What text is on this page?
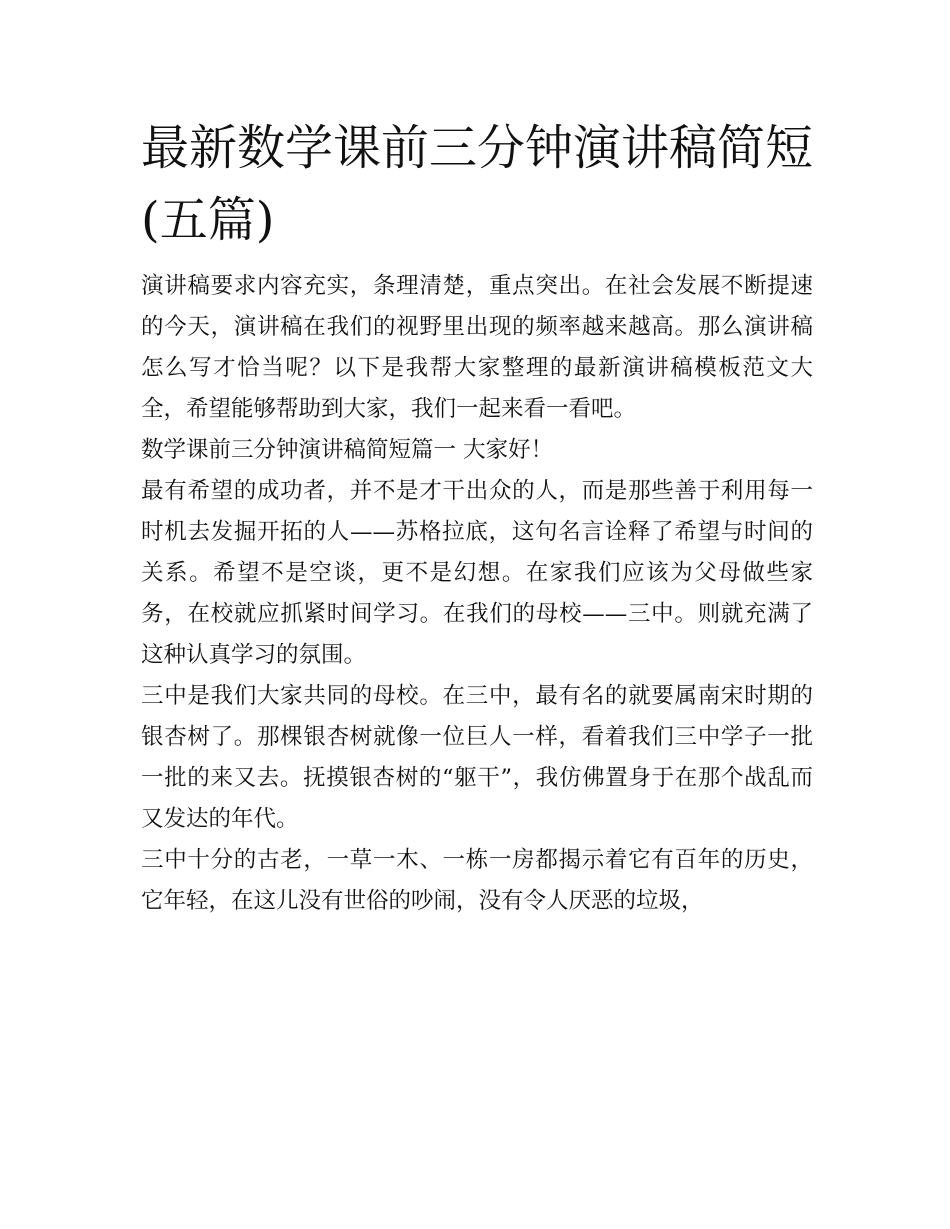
最新数学课前三分钟演讲稿简短(五篇)

演讲稿要求内容充实，条理清楚，重点突出。在社会发展不断提速的今天，演讲稿在我们的视野里出现的频率越来越高。那么演讲稿怎么写才恰当呢？以下是我帮大家整理的最新演讲稿模板范文大全，希望能够帮助到大家，我们一起来看一看吧。

数学课前三分钟演讲稿简短篇一 大家好！

最有希望的成功者，并不是才干出众的人，而是那些善于利用每一时机去发掘开拓的人——苏格拉底，这句名言诠释了希望与时间的关系。希望不是空谈，更不是幻想。在家我们应该为父母做些家务，在校就应抓紧时间学习。在我们的母校——三中。则就充满了这种认真学习的氛围。

三中是我们大家共同的母校。在三中，最有名的就要属南宋时期的银杏树了。那棵银杏树就像一位巨人一样，看着我们三中学子一批一批的来又去。抚摸银杏树的“躯干”，我仿佛置身于在那个战乱而又发达的年代。

三中十分的古老，一草一木、一栋一房都揭示着它有百年的历史，它年轻，在这儿没有世俗的吵闹，没有令人厌恶的垃圾，
